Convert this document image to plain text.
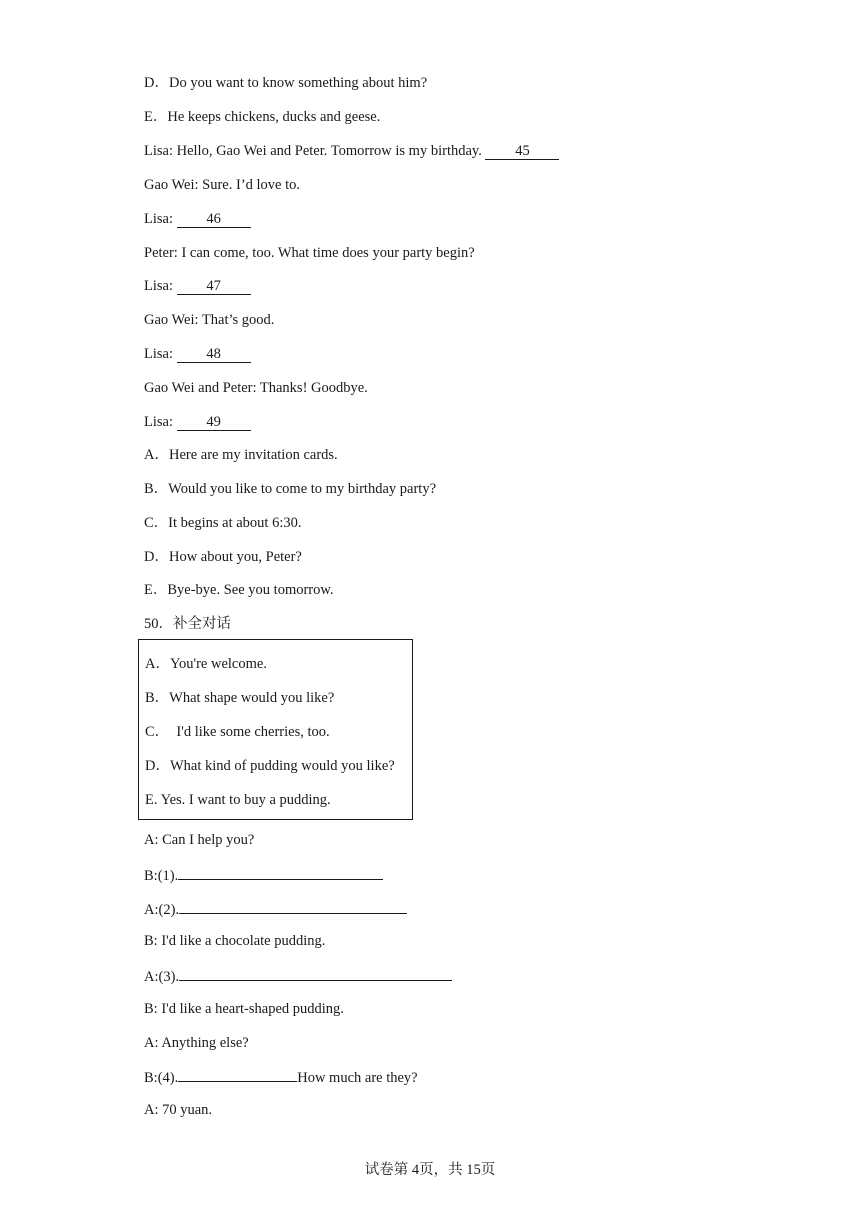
D．Do you want to know something about him?
E．He keeps chickens, ducks and geese.
Lisa: Hello, Gao Wei and Peter. Tomorrow is my birthday. 45
Gao Wei: Sure. I’d love to.
Lisa: 46
Peter: I can come, too. What time does your party begin?
Lisa: 47
Gao Wei: That’s good.
Lisa: 48
Gao Wei and Peter: Thanks! Goodbye.
Lisa: 49
A．Here are my invitation cards.
B．Would you like to come to my birthday party?
C．It begins at about 6:30.
D．How about you, Peter?
E．Bye-bye. See you tomorrow.
50．补全对话
A．You're welcome.
B．What shape would you like?
C．  I'd like some cherries, too.
D．What kind of pudding would you like?
E. Yes. I want to buy a pudding.
A: Can I help you?
B:(1).
A:(2).
B: I'd like a chocolate pudding.
A:(3).
B: I'd like a heart-shaped pudding.
A: Anything else?
B:(4).	How much are they?
A: 70 yuan.
试卷第 4页，共 15页
